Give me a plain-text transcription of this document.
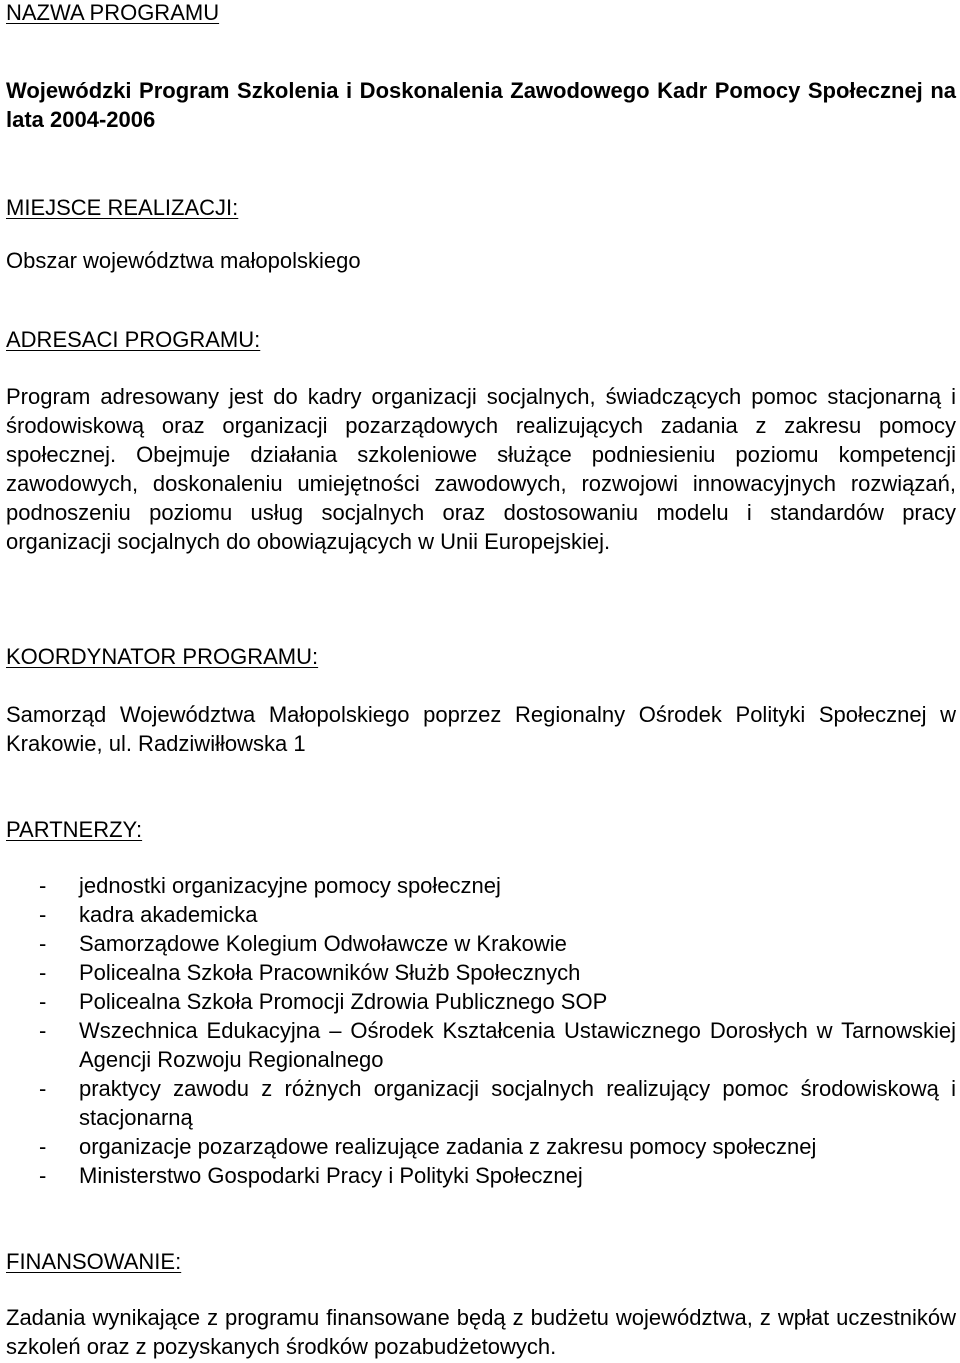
NAZWA PROGRAMU

Wojewódzki Program Szkolenia i Doskonalenia Zawodowego Kadr Pomocy Społecznej na lata 2004-2006

MIEJSCE REALIZACJI:

Obszar województwa małopolskiego

ADRESACI PROGRAMU:

Program adresowany jest do kadry organizacji socjalnych, świadczących pomoc stacjonarną i środowiskową oraz organizacji pozarządowych realizujących zadania z zakresu pomocy społecznej. Obejmuje działania szkoleniowe służące podniesieniu poziomu kompetencji zawodowych, doskonaleniu umiejętności zawodowych, rozwojowi innowacyjnych rozwiązań, podnoszeniu poziomu usług socjalnych oraz dostosowaniu modelu i standardów pracy organizacji socjalnych do obowiązujących w Unii Europejskiej.

KOORDYNATOR PROGRAMU:

Samorząd Województwa Małopolskiego poprzez Regionalny Ośrodek Polityki Społecznej w Krakowie, ul. Radziwiłłowska 1

PARTNERZY:
- jednostki organizacyjne pomocy społecznej
- kadra akademicka
- Samorządowe Kolegium Odwoławcze w Krakowie
- Policealna Szkoła Pracowników Służb Społecznych
- Policealna Szkoła Promocji Zdrowia Publicznego SOP
- Wszechnica Edukacyjna – Ośrodek Kształcenia Ustawicznego Dorosłych w Tarnowskiej Agencji Rozwoju Regionalnego
- praktycy zawodu z różnych organizacji socjalnych realizujący pomoc środowiskową i stacjonarną
- organizacje pozarządowe realizujące zadania z zakresu pomocy społecznej
- Ministerstwo Gospodarki Pracy i Polityki Społecznej
FINANSOWANIE:

Zadania wynikające z programu finansowane będą z budżetu województwa, z wpłat uczestników szkoleń oraz z pozyskanych środków pozabudżetowych.
